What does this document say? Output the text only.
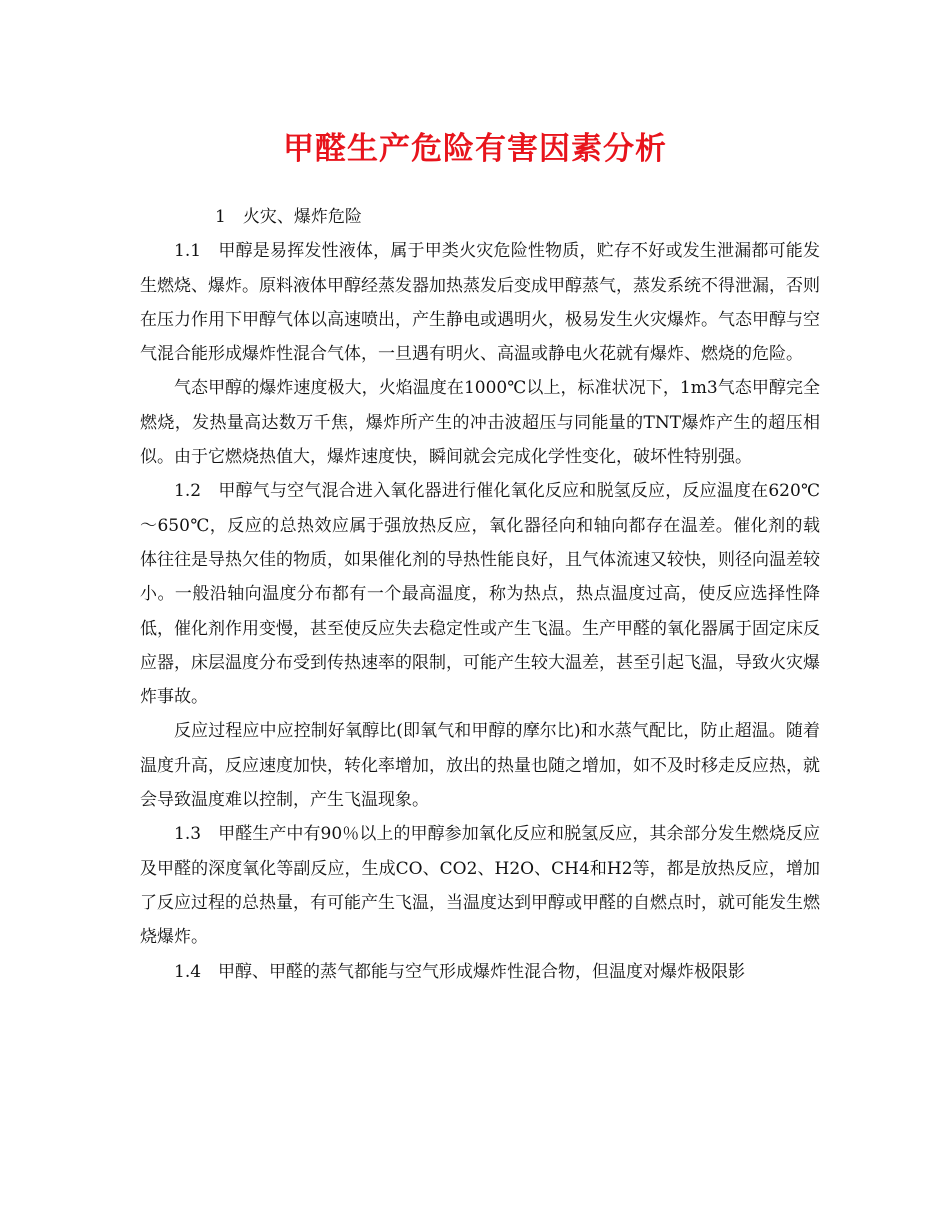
甲醛生产危险有害因素分析

1　火灾、爆炸危险

1.1　甲醇是易挥发性液体，属于甲类火灾危险性物质，贮存不好或发生泄漏都可能发生燃烧、爆炸。原料液体甲醇经蒸发器加热蒸发后变成甲醇蒸气，蒸发系统不得泄漏，否则在压力作用下甲醇气体以高速喷出，产生静电或遇明火，极易发生火灾爆炸。气态甲醇与空气混合能形成爆炸性混合气体，一旦遇有明火、高温或静电火花就有爆炸、燃烧的危险。

气态甲醇的爆炸速度极大，火焰温度在1000℃以上，标准状况下，1m3气态甲醇完全燃烧，发热量高达数万千焦，爆炸所产生的冲击波超压与同能量的TNT爆炸产生的超压相似。由于它燃烧热值大，爆炸速度快，瞬间就会完成化学性变化，破坏性特别强。

1.2　甲醇气与空气混合进入氧化器进行催化氧化反应和脱氢反应，反应温度在620℃～650℃，反应的总热效应属于强放热反应，氧化器径向和轴向都存在温差。催化剂的载体往往是导热欠佳的物质，如果催化剂的导热性能良好，且气体流速又较快，则径向温差较小。一般沿轴向温度分布都有一个最高温度，称为热点，热点温度过高，使反应选择性降低，催化剂作用变慢，甚至使反应失去稳定性或产生飞温。生产甲醛的氧化器属于固定床反应器，床层温度分布受到传热速率的限制，可能产生较大温差，甚至引起飞温，导致火灾爆炸事故。

反应过程应中应控制好氧醇比(即氧气和甲醇的摩尔比)和水蒸气配比，防止超温。随着温度升高，反应速度加快，转化率增加，放出的热量也随之增加，如不及时移走反应热，就会导致温度难以控制，产生飞温现象。

1.3　甲醛生产中有90％以上的甲醇参加氧化反应和脱氢反应，其余部分发生燃烧反应及甲醛的深度氧化等副反应，生成CO、CO2、H2O、CH4和H2等，都是放热反应，增加了反应过程的总热量，有可能产生飞温，当温度达到甲醇或甲醛的自燃点时，就可能发生燃烧爆炸。

1.4　甲醇、甲醛的蒸气都能与空气形成爆炸性混合物，但温度对爆炸极限影
